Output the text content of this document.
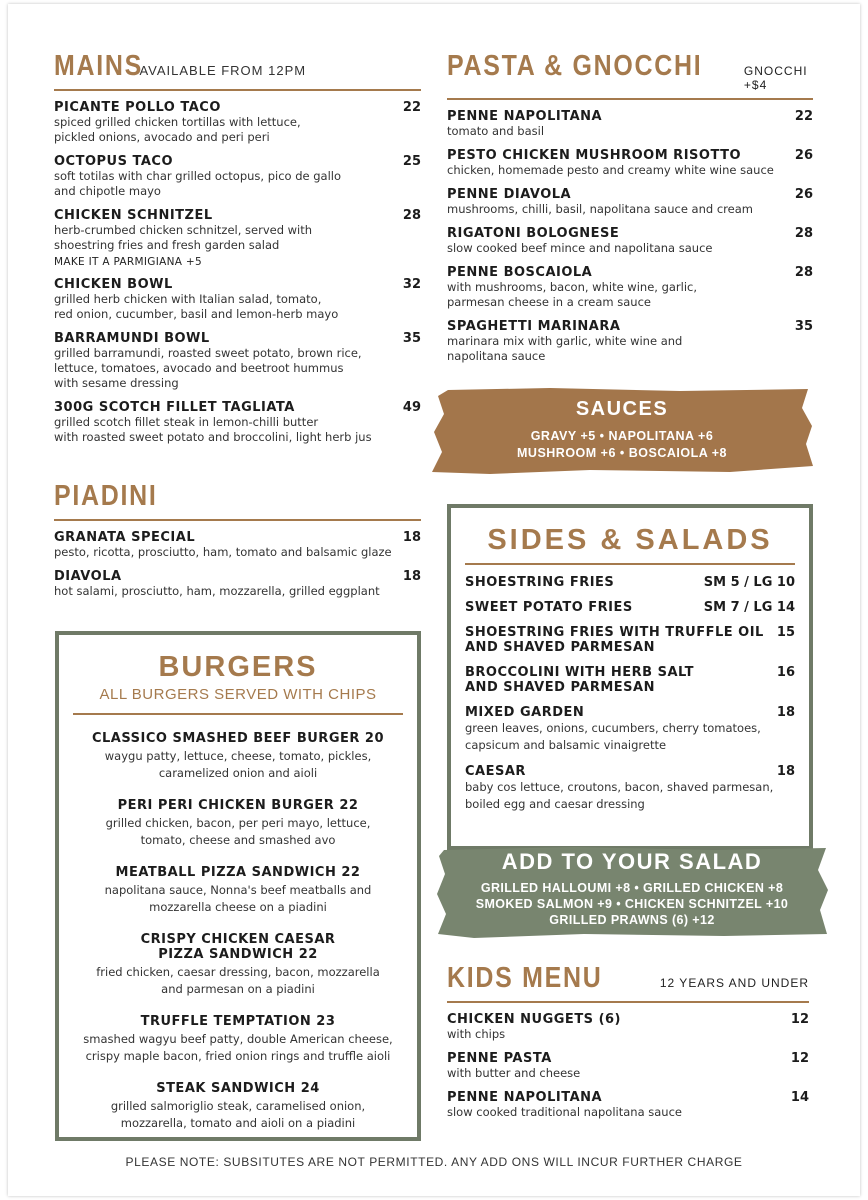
MAINS
AVAILABLE FROM 12PM
PICANTE POLLO TACO	22
spiced grilled chicken tortillas with lettuce,
pickled onions, avocado and peri peri
OCTOPUS TACO	25
soft totilas with char grilled octopus, pico de gallo
and chipotle mayo
CHICKEN SCHNITZEL	28
herb-crumbed chicken schnitzel, served with
shoestring fries and fresh garden salad
MAKE IT A PARMIGIANA +5
CHICKEN BOWL	32
grilled herb chicken with Italian salad, tomato,
red onion, cucumber, basil and lemon-herb mayo
BARRAMUNDI BOWL	35
grilled barramundi, roasted sweet potato, brown rice,
lettuce, tomatoes, avocado and beetroot hummus
with sesame dressing
300G SCOTCH FILLET TAGLIATA	49
grilled scotch fillet steak in lemon-chilli butter
with roasted sweet potato and broccolini, light herb jus
PASTA & GNOCCHI	GNOCCHI +$4
PENNE NAPOLITANA	22
tomato and basil
PESTO CHICKEN MUSHROOM RISOTTO	26
chicken, homemade pesto and creamy white wine sauce
PENNE DIAVOLA	26
mushrooms, chilli, basil, napolitana sauce and cream
RIGATONI BOLOGNESE	28
slow cooked beef mince and napolitana sauce
PENNE BOSCAIOLA	28
with mushrooms, bacon, white wine, garlic,
parmesan cheese in a cream sauce
SPAGHETTI MARINARA	35
marinara mix with garlic, white wine and
napolitana sauce
SAUCES
GRAVY +5 • NAPOLITANA +6
MUSHROOM +6 • BOSCAIOLA +8
PIADINI
GRANATA SPECIAL	18
pesto, ricotta, prosciutto, ham, tomato and balsamic glaze
DIAVOLA	18
hot salami, prosciutto, ham, mozzarella, grilled eggplant
BURGERS
ALL BURGERS SERVED WITH CHIPS
CLASSICO SMASHED BEEF BURGER 20
waygu patty, lettuce, cheese, tomato, pickles,
caramelized onion and aioli
PERI PERI CHICKEN BURGER 22
grilled chicken, bacon, per peri mayo, lettuce,
tomato, cheese and smashed avo
MEATBALL PIZZA SANDWICH 22
napolitana sauce, Nonna's beef meatballs and
mozzarella cheese on a piadini
CRISPY CHICKEN CAESAR
PIZZA SANDWICH 22
fried chicken, caesar dressing, bacon, mozzarella
and parmesan on a piadini
TRUFFLE TEMPTATION 23
smashed wagyu beef patty, double American cheese,
crispy maple bacon, fried onion rings and truffle aioli
STEAK SANDWICH 24
grilled salmoriglio steak, caramelised onion,
mozzarella, tomato and aioli on a piadini
SIDES & SALADS
SHOESTRING FRIES	SM 5 / LG 10
SWEET POTATO FRIES	SM 7 / LG 14
SHOESTRING FRIES WITH TRUFFLE OIL
AND SHAVED PARMESAN
15
BROCCOLINI WITH HERB SALT
AND SHAVED PARMESAN
16
MIXED GARDEN	18
green leaves, onions, cucumbers, cherry tomatoes,
capsicum and balsamic vinaigrette
CAESAR	18
baby cos lettuce, croutons, bacon, shaved parmesan,
boiled egg and caesar dressing
ADD TO YOUR SALAD
GRILLED HALLOUMI +8 • GRILLED CHICKEN +8
SMOKED SALMON +9 • CHICKEN SCHNITZEL +10
GRILLED PRAWNS (6) +12
KIDS MENU	12 YEARS AND UNDER
CHICKEN NUGGETS (6)	12
with chips
PENNE PASTA	12
with butter and cheese
PENNE NAPOLITANA	14
slow cooked traditional napolitana sauce
PLEASE NOTE: SUBSITUTES ARE NOT PERMITTED. ANY ADD ONS WILL INCUR FURTHER CHARGE
